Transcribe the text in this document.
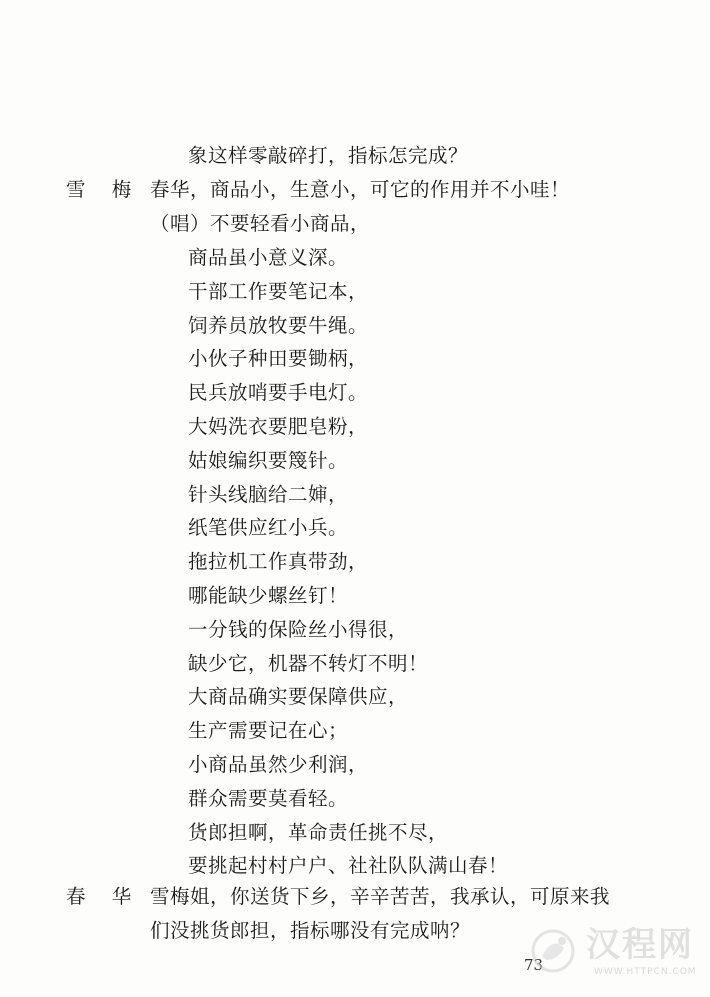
象这样零敲碎打，指标怎完成？
雪 梅 春华，商品小，生意小，可它的作用并不小哇！
（唱）不要轻看小商品，
商品虽小意义深。
干部工作要笔记本，
饲养员放牧要牛绳。
小伙子种田要锄柄，
民兵放哨要手电灯。
大妈洗衣要肥皂粉，
姑娘编织要篾针。
针头线脑给二婶，
纸笔供应红小兵。
拖拉机工作真带劲，
哪能缺少螺丝钉！
一分钱的保险丝小得很，
缺少它，机器不转灯不明！
大商品确实要保障供应，
生产需要记在心；
小商品虽然少利润，
群众需要莫看轻。
货郎担啊，革命责任挑不尽，
要挑起村村户户、社社队队满山春！
春 华 雪梅姐，你送货下乡，辛辛苦苦，我承认，可原来我
们没挑货郎担，指标哪没有完成呐？
73 汉程网
WWW.HTTPCN.COM
